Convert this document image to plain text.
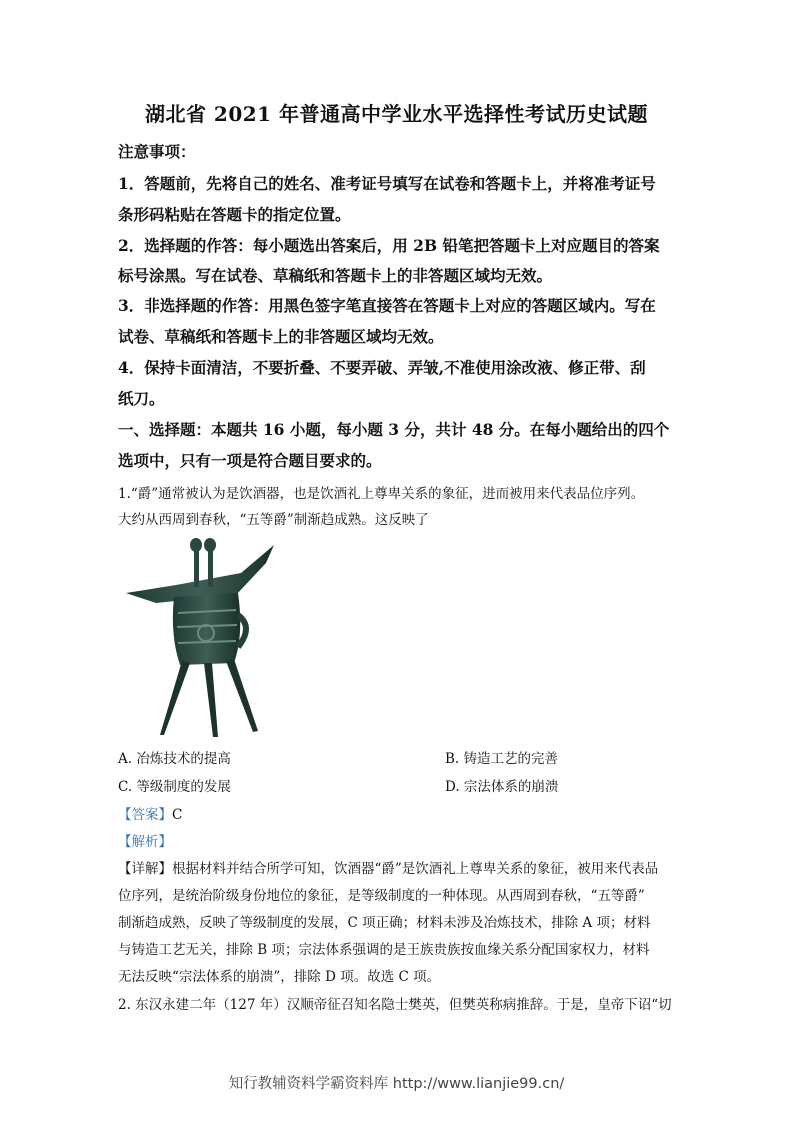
湖北省 2021 年普通高中学业水平选择性考试历史试题
注意事项：
1．答题前，先将自己的姓名、准考证号填写在试卷和答题卡上，并将准考证号
条形码粘贴在答题卡的指定位置。
2．选择题的作答：每小题选出答案后，用 2B 铅笔把答题卡上对应题目的答案
标号涂黑。写在试卷、草稿纸和答题卡上的非答题区域均无效。
3．非选择题的作答：用黑色签字笔直接答在答题卡上对应的答题区域内。写在
试卷、草稿纸和答题卡上的非答题区域均无效。
4．保持卡面清洁，不要折叠、不要弄破、弄皱,不准使用涂改液、修正带、刮
纸刀。
一、选择题：本题共 16 小题，每小题 3 分，共计 48 分。在每小题给出的四个
选项中，只有一项是符合题目要求的。
1.“爵”通常被认为是饮酒器，也是饮酒礼上尊卑关系的象征，进而被用来代表品位序列。
大约从西周到春秋，“五等爵”制渐趋成熟。这反映了
A. 冶炼技术的提高	B. 铸造工艺的完善
C. 等级制度的发展	D. 宗法体系的崩溃
【答案】C
【解析】
【详解】根据材料并结合所学可知，饮酒器“爵”是饮酒礼上尊卑关系的象征，被用来代表品
位序列，是统治阶级身份地位的象征，是等级制度的一种体现。从西周到春秋，“五等爵”
制渐趋成熟，反映了等级制度的发展，C 项正确；材料未涉及冶炼技术，排除 A 项；材料
与铸造工艺无关，排除 B 项；宗法体系强调的是王族贵族按血缘关系分配国家权力，材料
无法反映“宗法体系的崩溃”，排除 D 项。故选 C 项。
2. 东汉永建二年（127 年）汉顺帝征召知名隐士樊英，但樊英称病推辞。于是，皇帝下诏“切
知行教辅资料学霸资料库 http://www.lianjie99.cn/
